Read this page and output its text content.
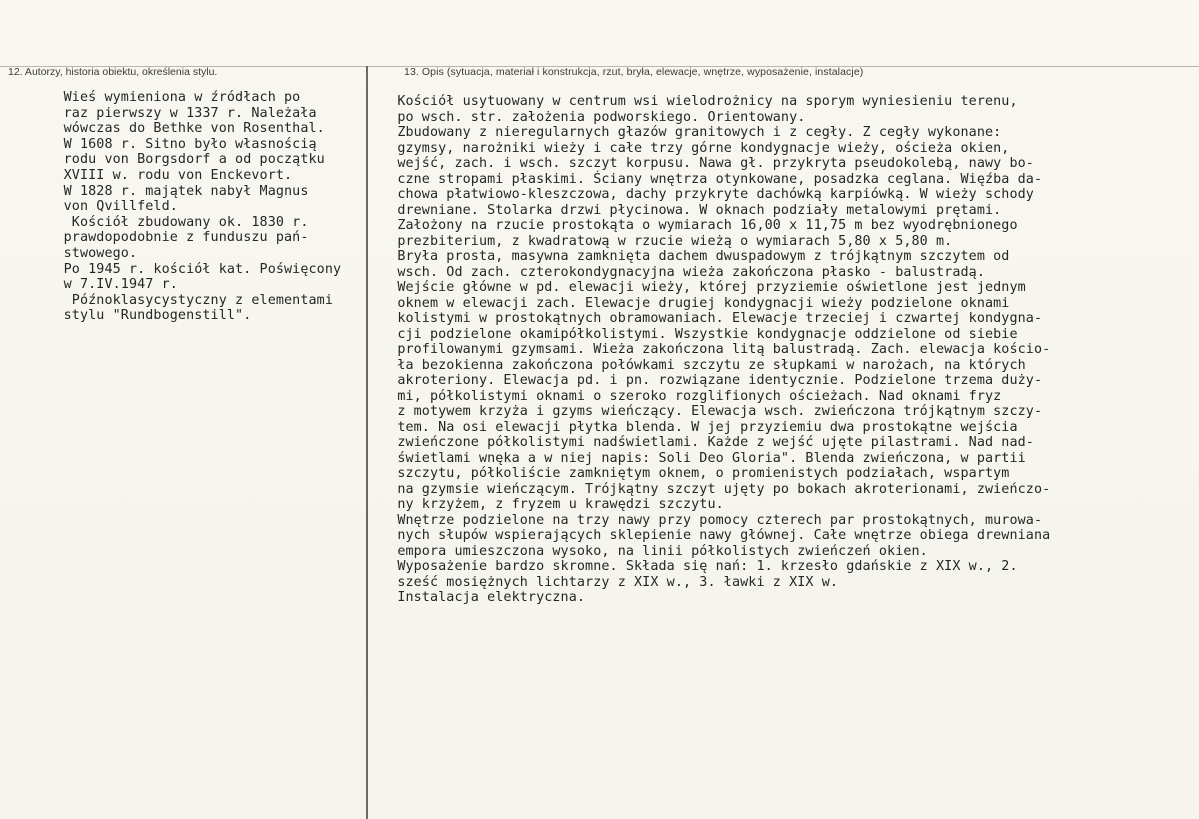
12. Autorzy, historia obiektu, określenia stylu.	13. Opis (sytuacja, materiał i konstrukcja, rzut, bryła, elewacje, wnętrze, wyposażenie, instalacje)
Wieś wymieniona w źródłach po
raz pierwszy w 1337 r. Należała
wówczas do Bethke von Rosenthal.
W 1608 r. Sitno było własnością
rodu von Borgsdorf a od początku
XVIII w. rodu von Enckevort.
W 1828 r. majątek nabył Magnus
von Qvillfeld.
Kościół zbudowany ok. 1830 r.
prawdopodobnie z funduszu pań-
stwowego.
Po 1945 r. kościół kat. Poświęcony
w 7.IV.1947 r.
Późnoklasycystyczny z elementami
stylu "Rundbogenstill".
Kościół usytuowany w centrum wsi wielodrożnicy na sporym wyniesieniu terenu,
po wsch. str. założenia podworskiego. Orientowany.
Zbudowany z nieregularnych głazów granitowych i z cegły. Z cegły wykonane:
gzymsy, narożniki wieży i całe trzy górne kondygnacje wieży, ościeża okien,
wejść, zach. i wsch. szczyt korpusu. Nawa gł. przykryta pseudokolebą, nawy bo-
czne stropami płaskimi. Ściany wnętrza otynkowane, posadzka ceglana. Więźba da-
chowa płatwiowo-kleszczowa, dachy przykryte dachówką karpiówką. W wieży schody
drewniane. Stolarka drzwi płycinowa. W oknach podziały metalowymi prętami.
Założony na rzucie prostokąta o wymiarach 16,00 x 11,75 m bez wyodrębnionego
prezbiterium, z kwadratową w rzucie wieżą o wymiarach 5,80 x 5,80 m.
Bryła prosta, masywna zamknięta dachem dwuspadowym z trójkątnym szczytem od
wsch. Od zach. czterokondygnacyjna wieża zakończona płasko - balustradą.
Wejście główne w pd. elewacji wieży, której przyziemie oświetlone jest jednym
oknem w elewacji zach. Elewacje drugiej kondygnacji wieży podzielone oknami
kolistymi w prostokątnych obramowaniach. Elewacje trzeciej i czwartej kondygna-
cji podzielone okamipółkolistymi. Wszystkie kondygnacje oddzielone od siebie
profilowanymi gzymsami. Wieża zakończona litą balustradą. Zach. elewacja kościo-
ła bezokienna zakończona połówkami szczytu ze słupkami w narożach, na których
akroteriony. Elewacja pd. i pn. rozwiązane identycznie. Podzielone trzema duży-
mi, półkolistymi oknami o szeroko rozglifionych ościeżach. Nad oknami fryz
z motywem krzyża i gzyms wieńczący. Elewacja wsch. zwieńczona trójkątnym szczy-
tem. Na osi elewacji płytka blenda. W jej przyziemiu dwa prostokątne wejścia
zwieńczone półkolistymi nadświetlami. Każde z wejść ujęte pilastrami. Nad nad-
świetlami wnęka a w niej napis: Soli Deo Gloria". Blenda zwieńczona, w partii
szczytu, półkoliście zamkniętym oknem, o promienistych podziałach, wspartym
na gzymsie wieńczącym. Trójkątny szczyt ujęty po bokach akroterionami, zwieńczo-
ny krzyżem, z fryzem u krawędzi szczytu.
Wnętrze podzielone na trzy nawy przy pomocy czterech par prostokątnych, murowa-
nych słupów wspierających sklepienie nawy głównej. Całe wnętrze obiega drewniana
empora umieszczona wysoko, na linii półkolistych zwieńczeń okien.
Wyposażenie bardzo skromne. Składa się nań: 1. krzesło gdańskie z XIX w., 2.
sześć mosiężnych lichtarzy z XIX w., 3. ławki z XIX w.
Instalacja elektryczna.
